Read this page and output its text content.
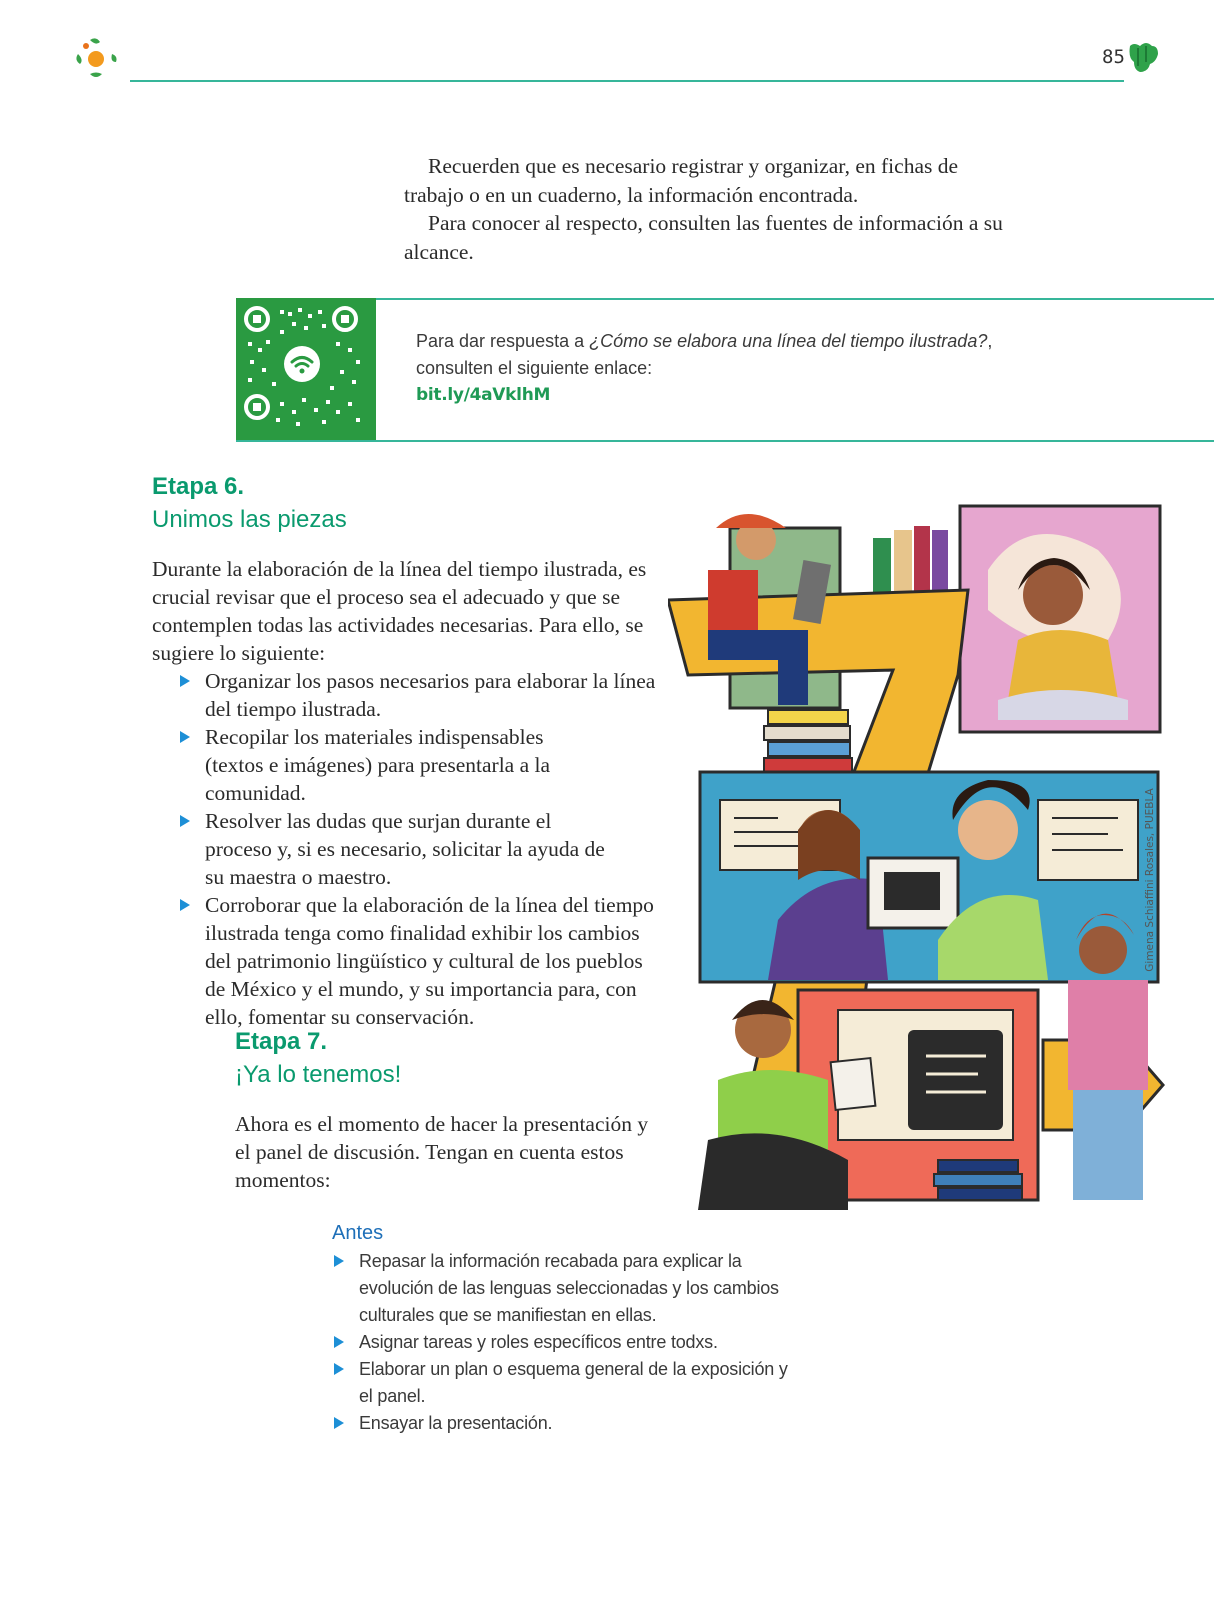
85

Recuerden que es necesario registrar y organizar, en fichas de trabajo o en un cuaderno, la información encontrada.

Para conocer al respecto, consulten las fuentes de información a su alcance.

Para dar respuesta a ¿Cómo se elabora una línea del tiempo ilustrada?,
consulten el siguiente enlace:
bit.ly/4aVklhM
Etapa 6.
Unimos las piezas

Durante la elaboración de la línea del tiempo ilustrada, es crucial revisar que el proceso sea el adecuado y que se contemplen todas las actividades necesarias. Para ello, se sugiere lo siguiente:

Organizar los pasos necesarios para elaborar la línea del tiempo ilustrada.
Recopilar los materiales indispensables (textos e imágenes) para presentarla a la comunidad.
Resolver las dudas que surjan durante el proceso y, si es necesario, solicitar la ayuda de su maestra o maestro.
Corroborar que la elaboración de la línea del tiempo ilustrada tenga como finalidad exhibir los cambios del patrimonio lingüístico y cultural de los pueblos de México y el mundo, y su importancia para, con ello, fomentar su conservación.
Etapa 7.
¡Ya lo tenemos!

Ahora es el momento de hacer la presentación y el panel de discusión. Tengan en cuenta estos momentos:

Antes
Repasar la información recabada para explicar la evolución de las lenguas seleccionadas y los cambios culturales que se manifiestan en ellas.
Asignar tareas y roles específicos entre todxs.
Elaborar un plan o esquema general de la exposición y el panel.
Ensayar la presentación.
Gimena Schiaffini Rosales, PUEBLA
